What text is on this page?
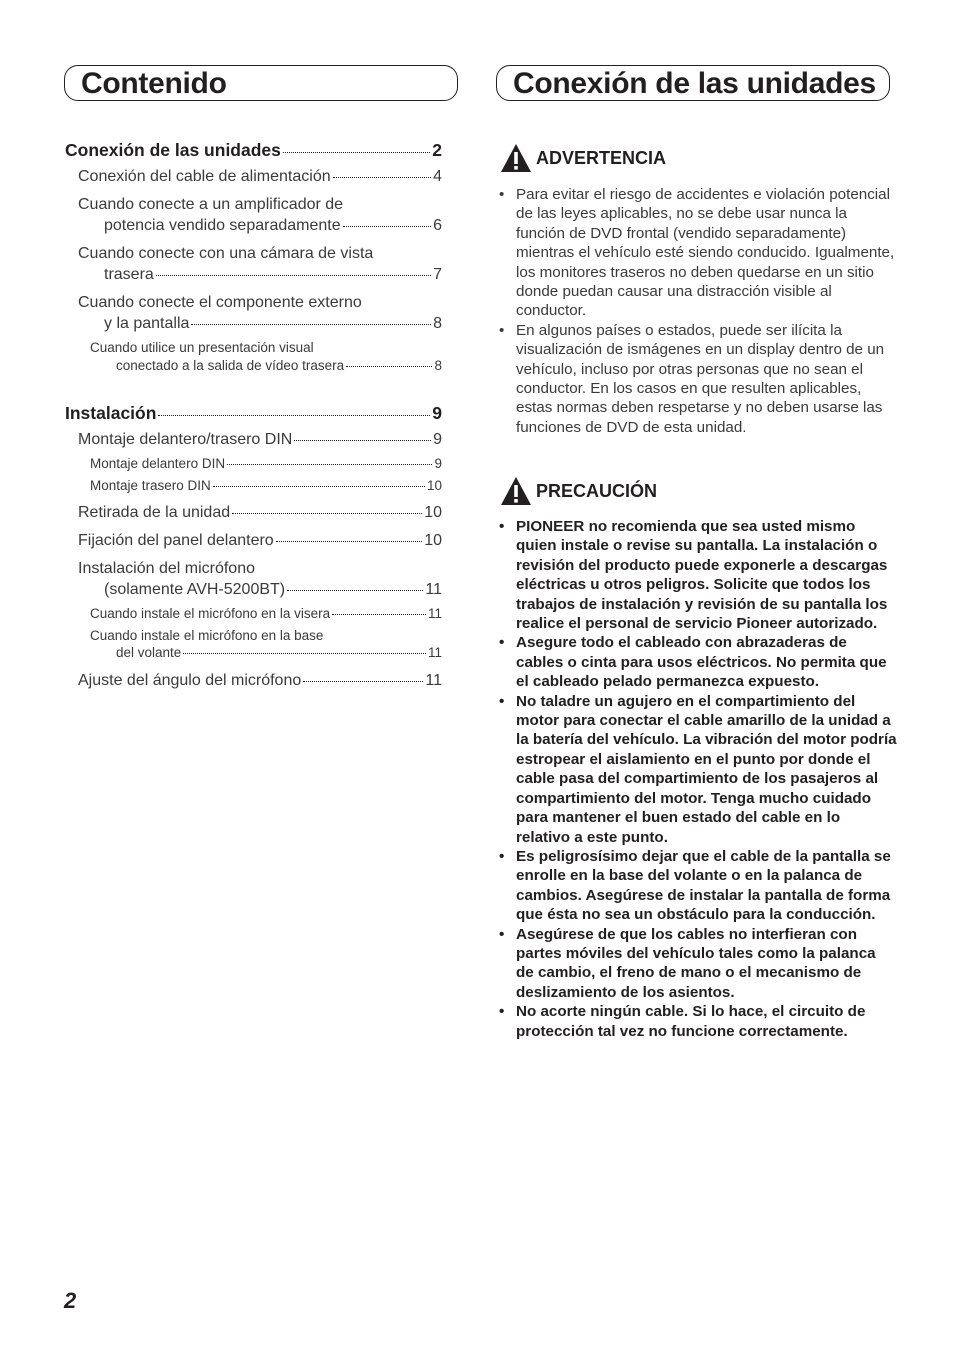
Contenido	Conexión de las unidades
Conexión de las unidades	2
Conexión del cable de alimentación	4
Cuando conecte a un amplificador de
potencia vendido separadamente	6
Cuando conecte con una cámara de vista
trasera	7
Cuando conecte el componente externo
y la pantalla	8
Cuando utilice un presentación visual
conectado a la salida de vídeo trasera	8
Instalación	9
Montaje delantero/trasero DIN	9
Montaje delantero DIN	9
Montaje trasero DIN	10
Retirada de la unidad	10
Fijación del panel delantero	10
Instalación del micrófono
(solamente AVH-5200BT)	11
Cuando instale el micrófono en la visera	11
Cuando instale el micrófono en la base
del volante	11
Ajuste del ángulo del micrófono	11
ADVERTENCIA
• Para evitar el riesgo de accidentes e violación potencial de las leyes aplicables, no se debe usar nunca la función de DVD frontal (vendido separadamente) mientras el vehículo esté siendo conducido. Igualmente, los monitores traseros no deben quedarse en un sitio donde puedan causar una distracción visible al conductor.
• En algunos países o estados, puede ser ilícita la visualización de ismágenes en un display dentro de un vehículo, incluso por otras personas que no sean el conductor. En los casos en que resulten aplicables, estas normas deben respetarse y no deben usarse las funciones de DVD de esta unidad.
PRECAUCIÓN
• PIONEER no recomienda que sea usted mismo quien instale o revise su pantalla. La instalación o revisión del producto puede exponerle a descargas eléctricas u otros peligros. Solicite que todos los trabajos de instalación y revisión de su pantalla los realice el personal de servicio Pioneer autorizado.
• Asegure todo el cableado con abrazaderas de cables o cinta para usos eléctricos. No permita que el cableado pelado permanezca expuesto.
• No taladre un agujero en el compartimiento del motor para conectar el cable amarillo de la unidad a la batería del vehículo. La vibración del motor podría estropear el aislamiento en el punto por donde el cable pasa del compartimiento de los pasajeros al compartimiento del motor. Tenga mucho cuidado para mantener el buen estado del cable en lo relativo a este punto.
• Es peligrosísimo dejar que el cable de la pantalla se enrolle en la base del volante o en la palanca de cambios. Asegúrese de instalar la pantalla de forma que ésta no sea un obstáculo para la conducción.
• Asegúrese de que los cables no interfieran con partes móviles del vehículo tales como la palanca de cambio, el freno de mano o el mecanismo de deslizamiento de los asientos.
• No acorte ningún cable. Si lo hace, el circuito de protección tal vez no funcione correctamente.
2
